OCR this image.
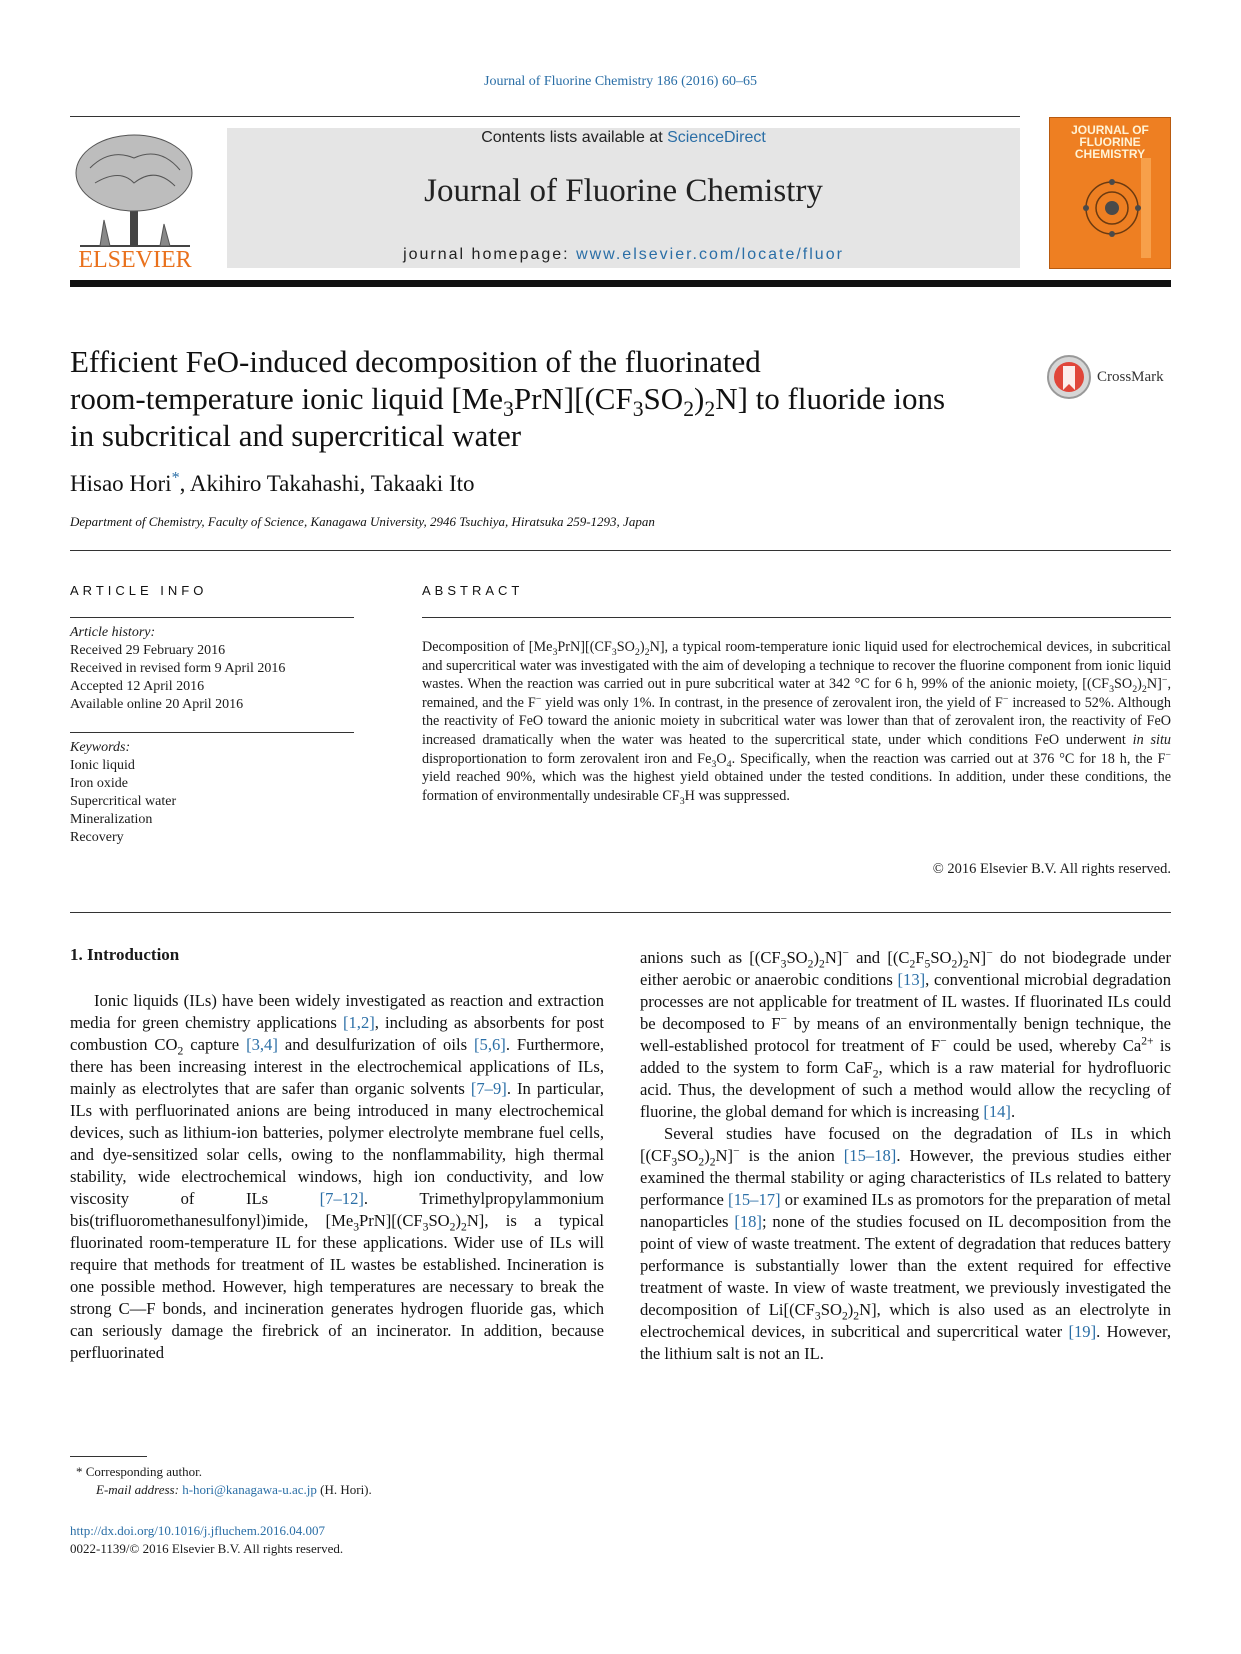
Journal of Fluorine Chemistry 186 (2016) 60–65
ELSEVIER
Contents lists available at ScienceDirect
Journal of Fluorine Chemistry
journal homepage: www.elsevier.com/locate/fluor
JOURNAL OF FLUORINE CHEMISTRY
Efficient FeO-induced decomposition of the fluorinated
room-temperature ionic liquid $[Me_3PrN][(CF_3SO_2)_2N]$ to fluoride ions
in subcritical and supercritical water
CrossMark
Hisao Hori*, Akihiro Takahashi, Takaaki Ito
Department of Chemistry, Faculty of Science, Kanagawa University, 2946 Tsuchiya, Hiratsuka 259-1293, Japan
ARTICLE INFO
Article history:
Received 29 February 2016
Received in revised form 9 April 2016
Accepted 12 April 2016
Available online 20 April 2016
Keywords:
Ionic liquid
Iron oxide
Supercritical water
Mineralization
Recovery
ABSTRACT
Decomposition of $[Me_3PrN][(CF_3SO_2)_2N]$, a typical room-temperature ionic liquid used for electrochemical devices, in subcritical and supercritical water was investigated with the aim of developing a technique to recover the fluorine component from ionic liquid wastes. When the reaction was carried out in pure subcritical water at 342 °C for 6 h, 99% of the anionic moiety, $[(CF_3SO_2)_2N]^-$, remained, and the F− yield was only 1%. In contrast, in the presence of zerovalent iron, the yield of F− increased to 52%. Although the reactivity of FeO toward the anionic moiety in subcritical water was lower than that of zerovalent iron, the reactivity of FeO increased dramatically when the water was heated to the supercritical state, under which conditions FeO underwent in situ disproportionation to form zerovalent iron and $Fe_3O_4$. Specifically, when the reaction was carried out at 376 °C for 18 h, the F− yield reached 90%, which was the highest yield obtained under the tested conditions. In addition, under these conditions, the formation of environmentally undesirable $CF_3H$ was suppressed.
© 2016 Elsevier B.V. All rights reserved.
1. Introduction

Ionic liquids (ILs) have been widely investigated as reaction and extraction media for green chemistry applications [1,2], including as absorbents for post combustion $CO_2$ capture [3,4] and desulfurization of oils [5,6]. Furthermore, there has been increasing interest in the electrochemical applications of ILs, mainly as electrolytes that are safer than organic solvents [7–9]. In particular, ILs with perfluorinated anions are being introduced in many electrochemical devices, such as lithium-ion batteries, polymer electrolyte membrane fuel cells, and dye-sensitized solar cells, owing to the nonflammability, high thermal stability, wide electrochemical windows, high ion conductivity, and low viscosity of ILs [7–12]. Trimethylpropylammonium bis(trifluoromethanesulfonyl)imide, $[Me_3PrN][(CF_3SO_2)_2N]$, is a typical fluorinated room-temperature IL for these applications. Wider use of ILs will require that methods for treatment of IL wastes be established. Incineration is one possible method. However, high temperatures are necessary to break the strong C—F bonds, and incineration generates hydrogen fluoride gas, which can seriously damage the firebrick of an incinerator. In addition, because perfluorinated

anions such as $[(CF_3SO_2)_2N]^-$ and $[(C_2F_5SO_2)_2N]^-$ do not biodegrade under either aerobic or anaerobic conditions [13], conventional microbial degradation processes are not applicable for treatment of IL wastes. If fluorinated ILs could be decomposed to F− by means of an environmentally benign technique, the well-established protocol for treatment of F− could be used, whereby $Ca^{2+}$ is added to the system to form CaF$_2$, which is a raw material for hydrofluoric acid. Thus, the development of such a method would allow the recycling of fluorine, the global demand for which is increasing [14].

Several studies have focused on the degradation of ILs in which $[(CF_3SO_2)_2N]^-$ is the anion [15–18]. However, the previous studies either examined the thermal stability or aging characteristics of ILs related to battery performance [15–17] or examined ILs as promotors for the preparation of metal nanoparticles [18]; none of the studies focused on IL decomposition from the point of view of waste treatment. The extent of degradation that reduces battery performance is substantially lower than the extent required for effective treatment of waste. In view of waste treatment, we previously investigated the decomposition of $Li[(CF_3SO_2)_2N]$, which is also used as an electrolyte in electrochemical devices, in subcritical and supercritical water [19]. However, the lithium salt is not an IL.

* Corresponding author.
E-mail address: h-hori@kanagawa-u.ac.jp (H. Hori).
http://dx.doi.org/10.1016/j.jfluchem.2016.04.007
0022-1139/© 2016 Elsevier B.V. All rights reserved.
